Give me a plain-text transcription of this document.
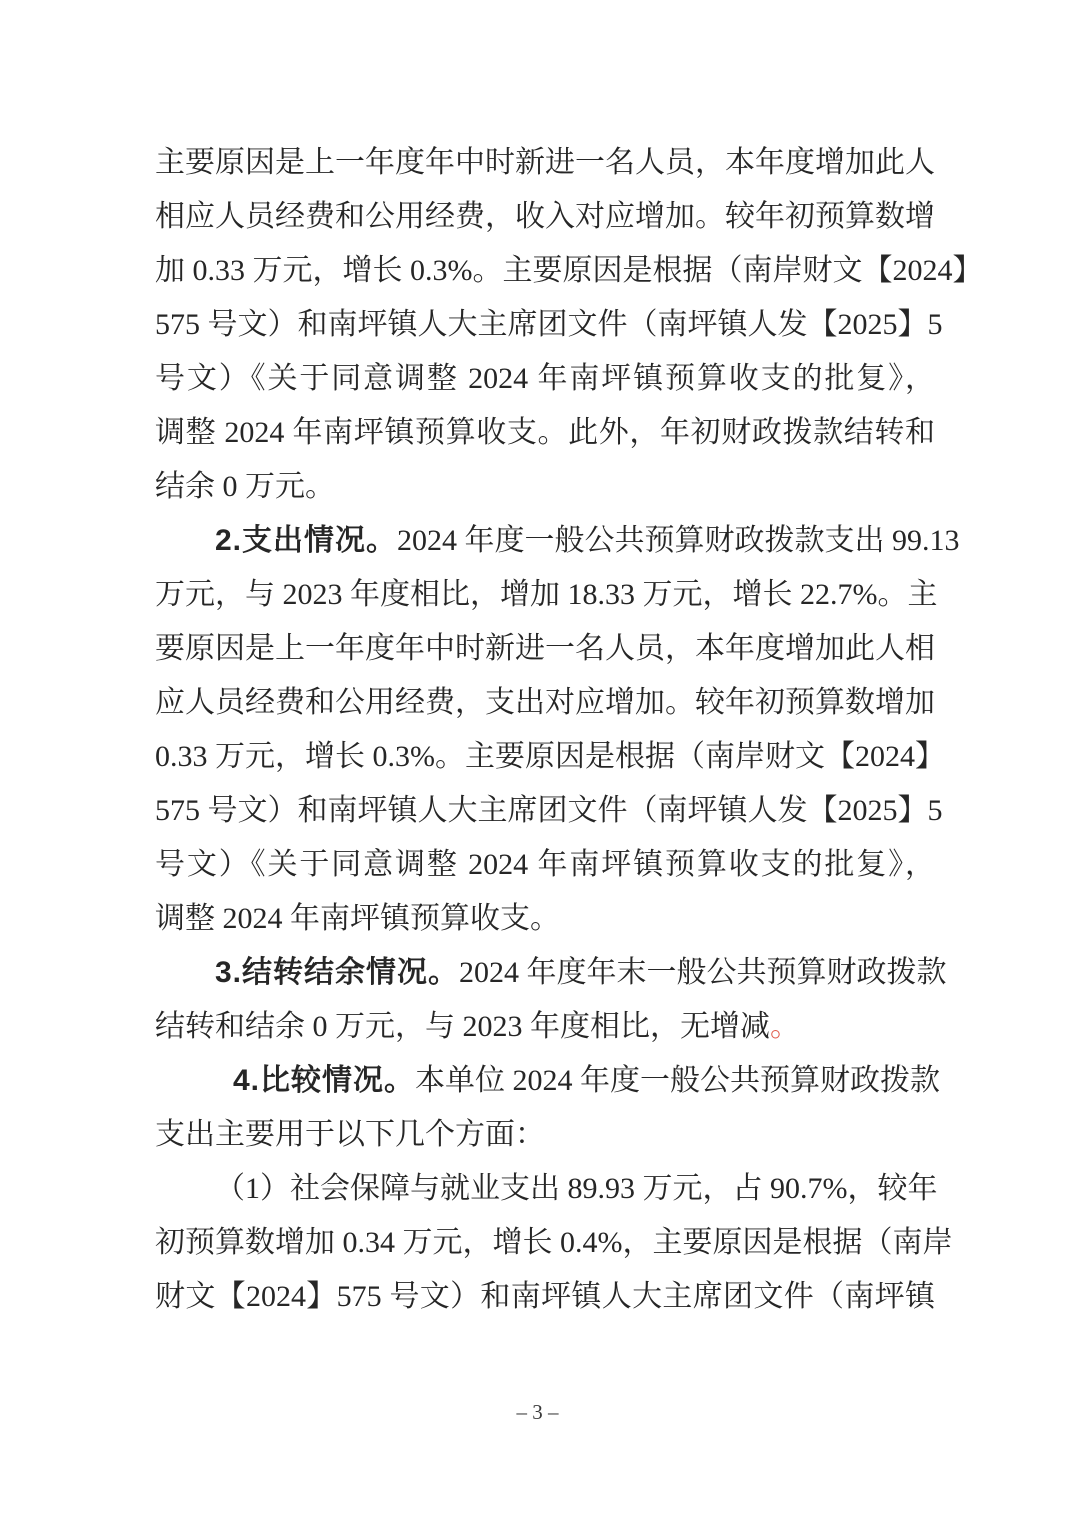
主要原因是上一年度年中时新进一名人员，本年度增加此人
相应人员经费和公用经费，收入对应增加。较年初预算数增
加 0.33 万元，增长 0.3%。主要原因是根据（南岸财文【2024】
575 号文）和南坪镇人大主席团文件（南坪镇人发【2025】5
号文）《关于同意调整 2024 年南坪镇预算收支的批复》，
调整 2024 年南坪镇预算收支。此外，年初财政拨款结转和
结余 0 万元。
2.支出情况。2024 年度一般公共预算财政拨款支出 99.13
万元，与 2023 年度相比，增加 18.33 万元，增长 22.7%。主
要原因是上一年度年中时新进一名人员，本年度增加此人相
应人员经费和公用经费，支出对应增加。较年初预算数增加
0.33 万元，增长 0.3%。主要原因是根据（南岸财文【2024】
575 号文）和南坪镇人大主席团文件（南坪镇人发【2025】5
号文）《关于同意调整 2024 年南坪镇预算收支的批复》，
调整 2024 年南坪镇预算收支。
3.结转结余情况。2024 年度年末一般公共预算财政拨款
结转和结余 0 万元，与 2023 年度相比，无增减。
4.比较情况。本单位 2024 年度一般公共预算财政拨款
支出主要用于以下几个方面：
（1）社会保障与就业支出 89.93 万元，占 90.7%，较年
初预算数增加 0.34 万元，增长 0.4%，主要原因是根据（南岸
财文【2024】575 号文）和南坪镇人大主席团文件（南坪镇
– 3 –
